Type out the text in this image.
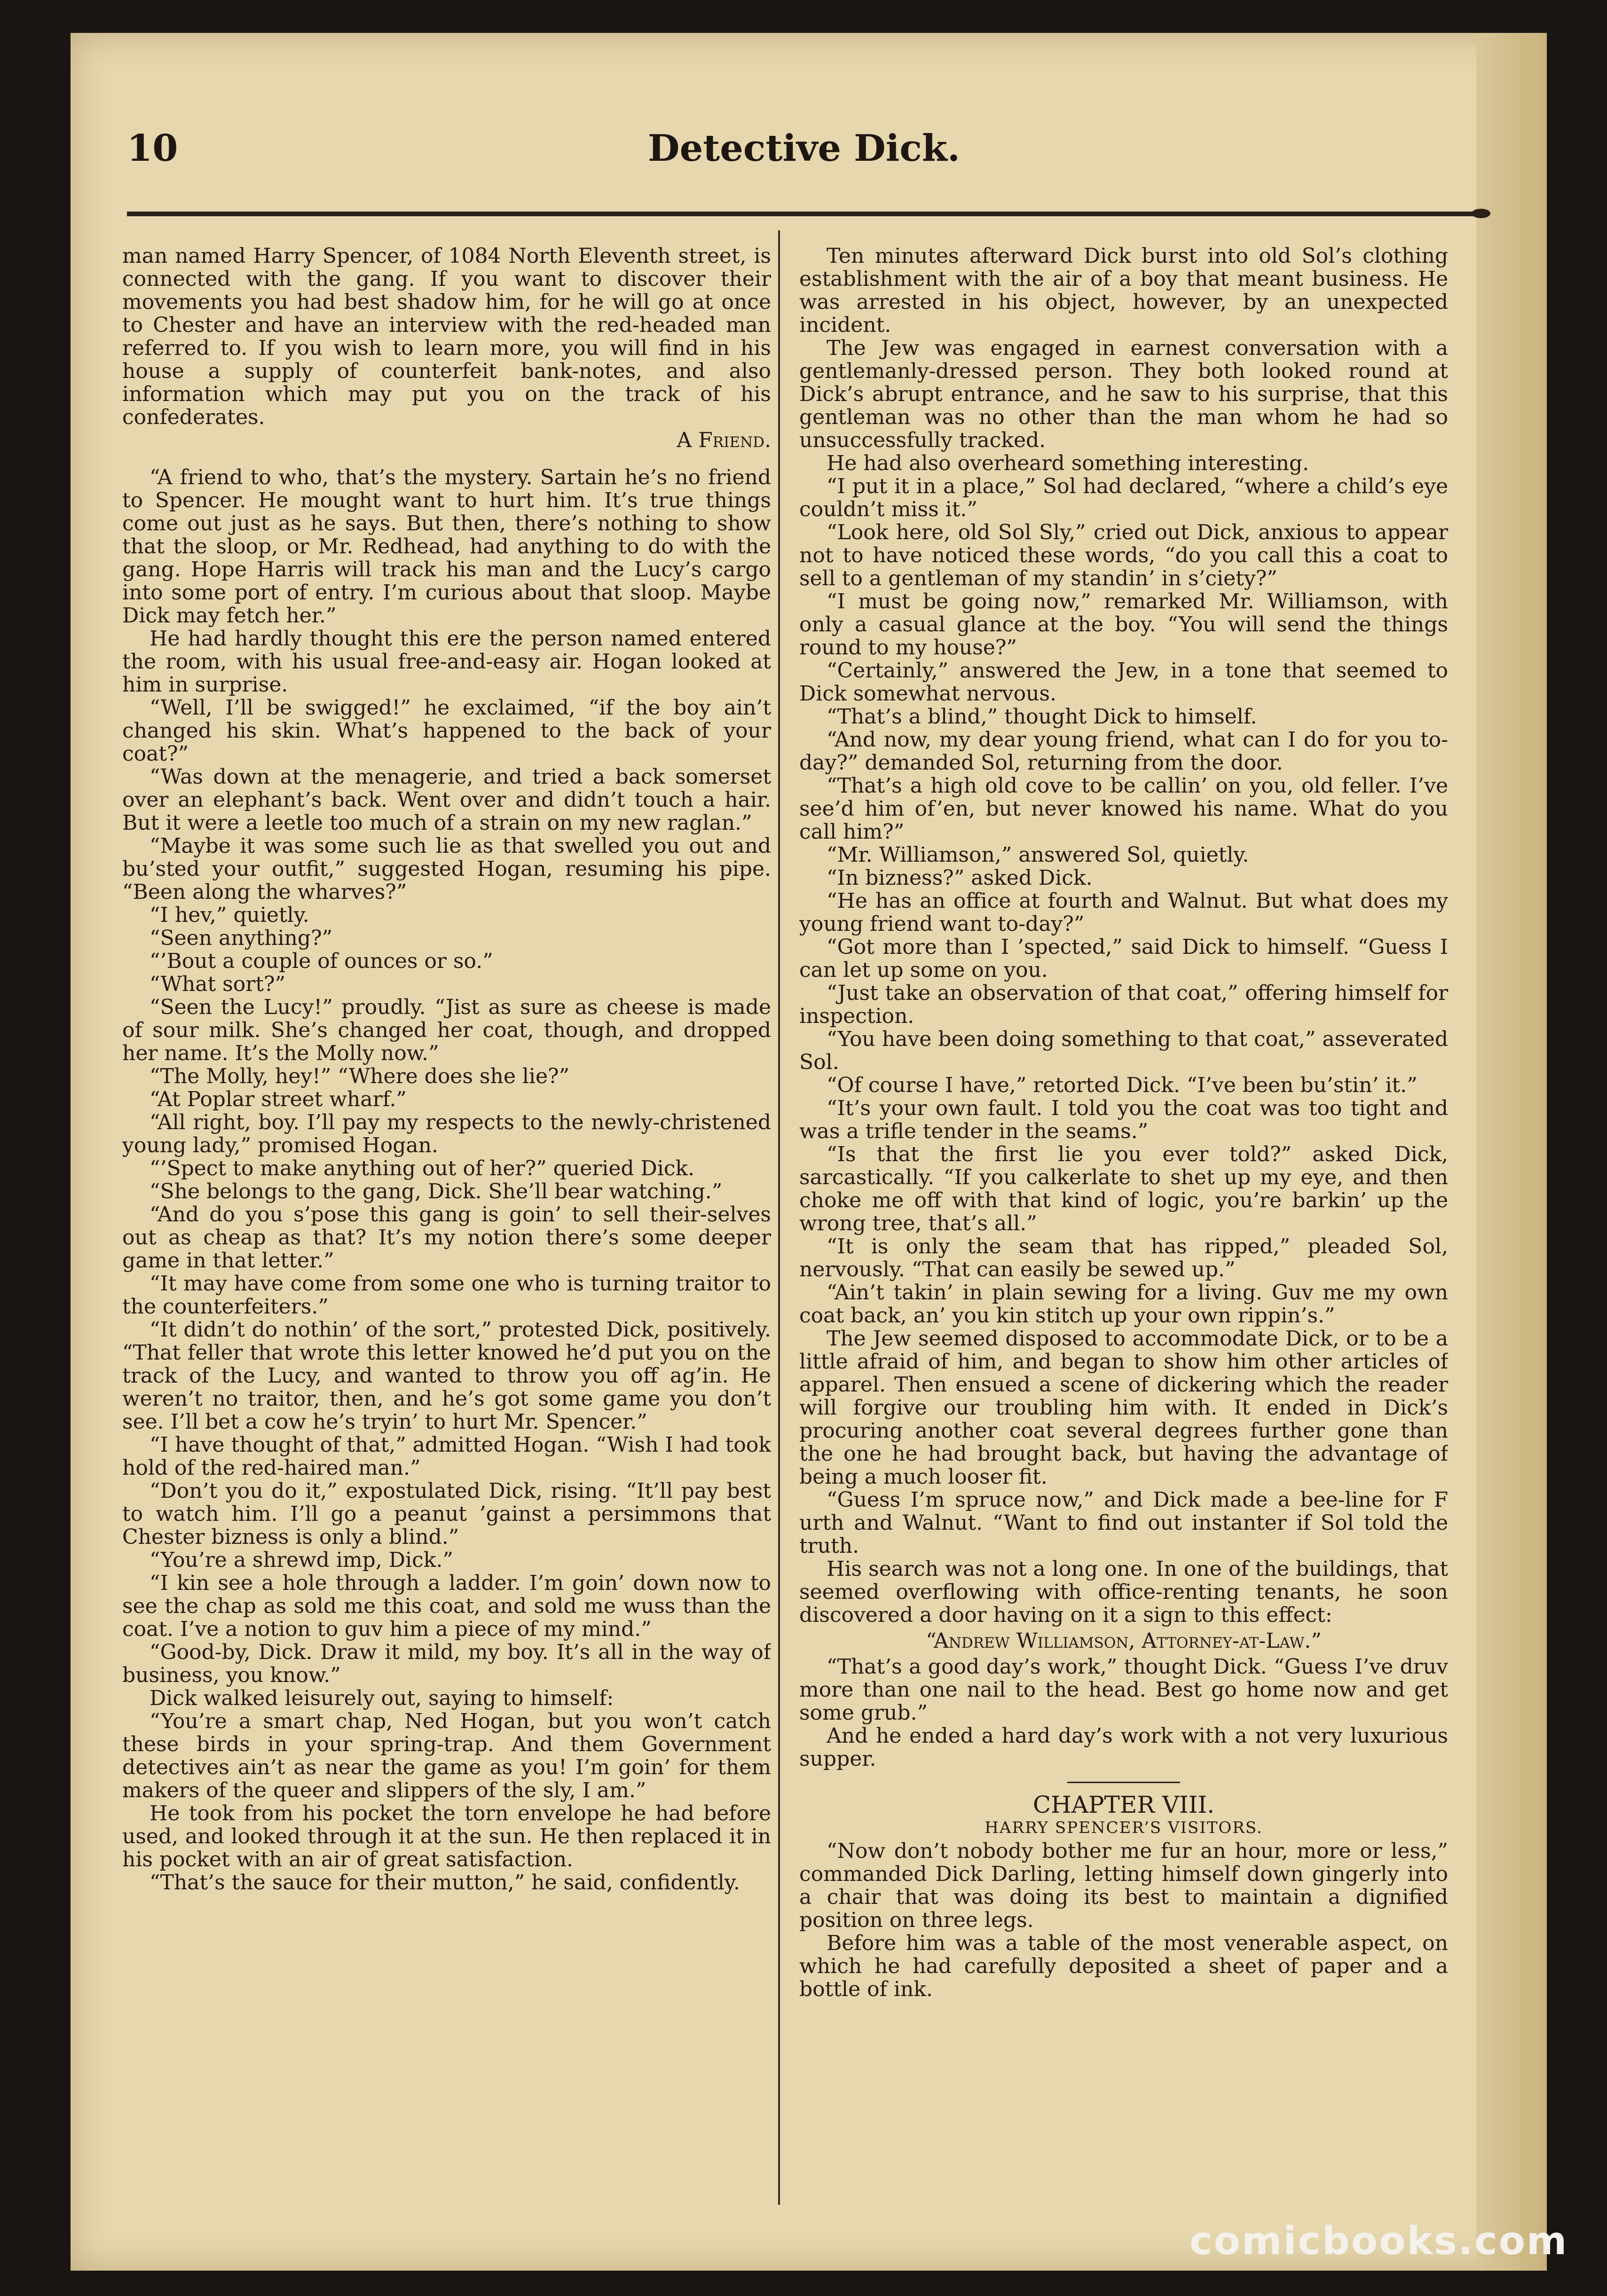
10	Detective Dick.

man named Harry Spencer, of 1084 North Eleventh street, is connected with the gang. If you want to discover their movements you had best shadow him, for he will go at once to Chester and have an interview with the red-headed man referred to. If you wish to learn more, you will find in his house a supply of counterfeit bank-notes, and also information which may put you on the track of his confederates.

A Friend.

“A friend to who, that’s the mystery. Sartain he’s no friend to Spencer. He mought want to hurt him. It’s true things come out just as he says. But then, there’s nothing to show that the sloop, or Mr. Redhead, had anything to do with the gang. Hope Harris will track his man and the Lucy’s cargo into some port of entry. I’m curious about that sloop. Maybe Dick may fetch her.”

He had hardly thought this ere the person named entered the room, with his usual free-and-easy air. Hogan looked at him in surprise.

“Well, I’ll be swigged!” he exclaimed, “if the boy ain’t changed his skin. What’s happened to the back of your coat?”

“Was down at the menagerie, and tried a back somerset over an elephant’s back. Went over and didn’t touch a hair. But it were a leetle too much of a strain on my new raglan.”

“Maybe it was some such lie as that swelled you out and bu’sted your outfit,” suggested Hogan, resuming his pipe. “Been along the wharves?”

“I hev,” quietly.

“Seen anything?”

“’Bout a couple of ounces or so.”

“What sort?”

“Seen the Lucy!” proudly. “Jist as sure as cheese is made of sour milk. She’s changed her coat, though, and dropped her name. It’s the Molly now.”

“The Molly, hey!” “Where does she lie?”

“At Poplar street wharf.”

“All right, boy. I’ll pay my respects to the newly-christened young lady,” promised Hogan.

“’Spect to make anything out of her?” queried Dick.

“She belongs to the gang, Dick. She’ll bear watching.”

“And do you s’pose this gang is goin’ to sell their-selves out as cheap as that? It’s my notion there’s some deeper game in that letter.”

“It may have come from some one who is turning traitor to the counterfeiters.”

“It didn’t do nothin’ of the sort,” protested Dick, positively. “That feller that wrote this letter knowed he’d put you on the track of the Lucy, and wanted to throw you off ag’in. He weren’t no traitor, then, and he’s got some game you don’t see. I’ll bet a cow he’s tryin’ to hurt Mr. Spencer.”

“I have thought of that,” admitted Hogan. “Wish I had took hold of the red-haired man.”

“Don’t you do it,” expostulated Dick, rising. “It’ll pay best to watch him. I’ll go a peanut ’gainst a persimmons that Chester bizness is only a blind.”

“You’re a shrewd imp, Dick.”

“I kin see a hole through a ladder. I’m goin’ down now to see the chap as sold me this coat, and sold me wuss than the coat. I’ve a notion to guv him a piece of my mind.”

“Good-by, Dick. Draw it mild, my boy. It’s all in the way of business, you know.”

Dick walked leisurely out, saying to himself:

“You’re a smart chap, Ned Hogan, but you won’t catch these birds in your spring-trap. And them Government detectives ain’t as near the game as you! I’m goin’ for them makers of the queer and slippers of the sly, I am.”

He took from his pocket the torn envelope he had before used, and looked through it at the sun. He then replaced it in his pocket with an air of great satisfaction.

“That’s the sauce for their mutton,” he said, confidently.

Ten minutes afterward Dick burst into old Sol’s clothing establishment with the air of a boy that meant business. He was arrested in his object, however, by an unexpected incident.

The Jew was engaged in earnest conversation with a gentlemanly-dressed person. They both looked round at Dick’s abrupt entrance, and he saw to his surprise, that this gentleman was no other than the man whom he had so unsuccessfully tracked.

He had also overheard something interesting.

“I put it in a place,” Sol had declared, “where a child’s eye couldn’t miss it.”

“Look here, old Sol Sly,” cried out Dick, anxious to appear not to have noticed these words, “do you call this a coat to sell to a gentleman of my standin’ in s’ciety?”

“I must be going now,” remarked Mr. Williamson, with only a casual glance at the boy. “You will send the things round to my house?”

“Certainly,” answered the Jew, in a tone that seemed to Dick somewhat nervous.

“That’s a blind,” thought Dick to himself.

“And now, my dear young friend, what can I do for you to-day?” demanded Sol, returning from the door.

“That’s a high old cove to be callin’ on you, old feller. I’ve see’d him of’en, but never knowed his name. What do you call him?”

“Mr. Williamson,” answered Sol, quietly.

“In bizness?” asked Dick.

“He has an office at fourth and Walnut. But what does my young friend want to-day?”

“Got more than I ’spected,” said Dick to himself. “Guess I can let up some on you.

“Just take an observation of that coat,” offering himself for inspection.

“You have been doing something to that coat,” asseverated Sol.

“Of course I have,” retorted Dick. “I’ve been bu’stin’ it.”

“It’s your own fault. I told you the coat was too tight and was a trifle tender in the seams.”

“Is that the first lie you ever told?” asked Dick, sarcastically. “If you calkerlate to shet up my eye, and then choke me off with that kind of logic, you’re barkin’ up the wrong tree, that’s all.”

“It is only the seam that has ripped,” pleaded Sol, nervously. “That can easily be sewed up.”

“Ain’t takin’ in plain sewing for a living. Guv me my own coat back, an’ you kin stitch up your own rippin’s.”

The Jew seemed disposed to accommodate Dick, or to be a little afraid of him, and began to show him other articles of apparel. Then ensued a scene of dickering which the reader will forgive our troubling him with. It ended in Dick’s procuring another coat several degrees further gone than the one he had brought back, but having the advantage of being a much looser fit.

“Guess I’m spruce now,” and Dick made a bee-line for F urth and Walnut. “Want to find out instanter if Sol told the truth.

His search was not a long one. In one of the buildings, that seemed overflowing with office-renting tenants, he soon discovered a door having on it a sign to this effect:

“Andrew Williamson, Attorney-at-Law.”

“That’s a good day’s work,” thought Dick. “Guess I’ve druv more than one nail to the head. Best go home now and get some grub.”

And he ended a hard day’s work with a not very luxurious supper.

CHAPTER VIII.

HARRY SPENCER’S VISITORS.

“Now don’t nobody bother me fur an hour, more or less,” commanded Dick Darling, letting himself down gingerly into a chair that was doing its best to maintain a dignified position on three legs.

Before him was a table of the most venerable aspect, on which he had carefully deposited a sheet of paper and a bottle of ink.

comicbooks.com
